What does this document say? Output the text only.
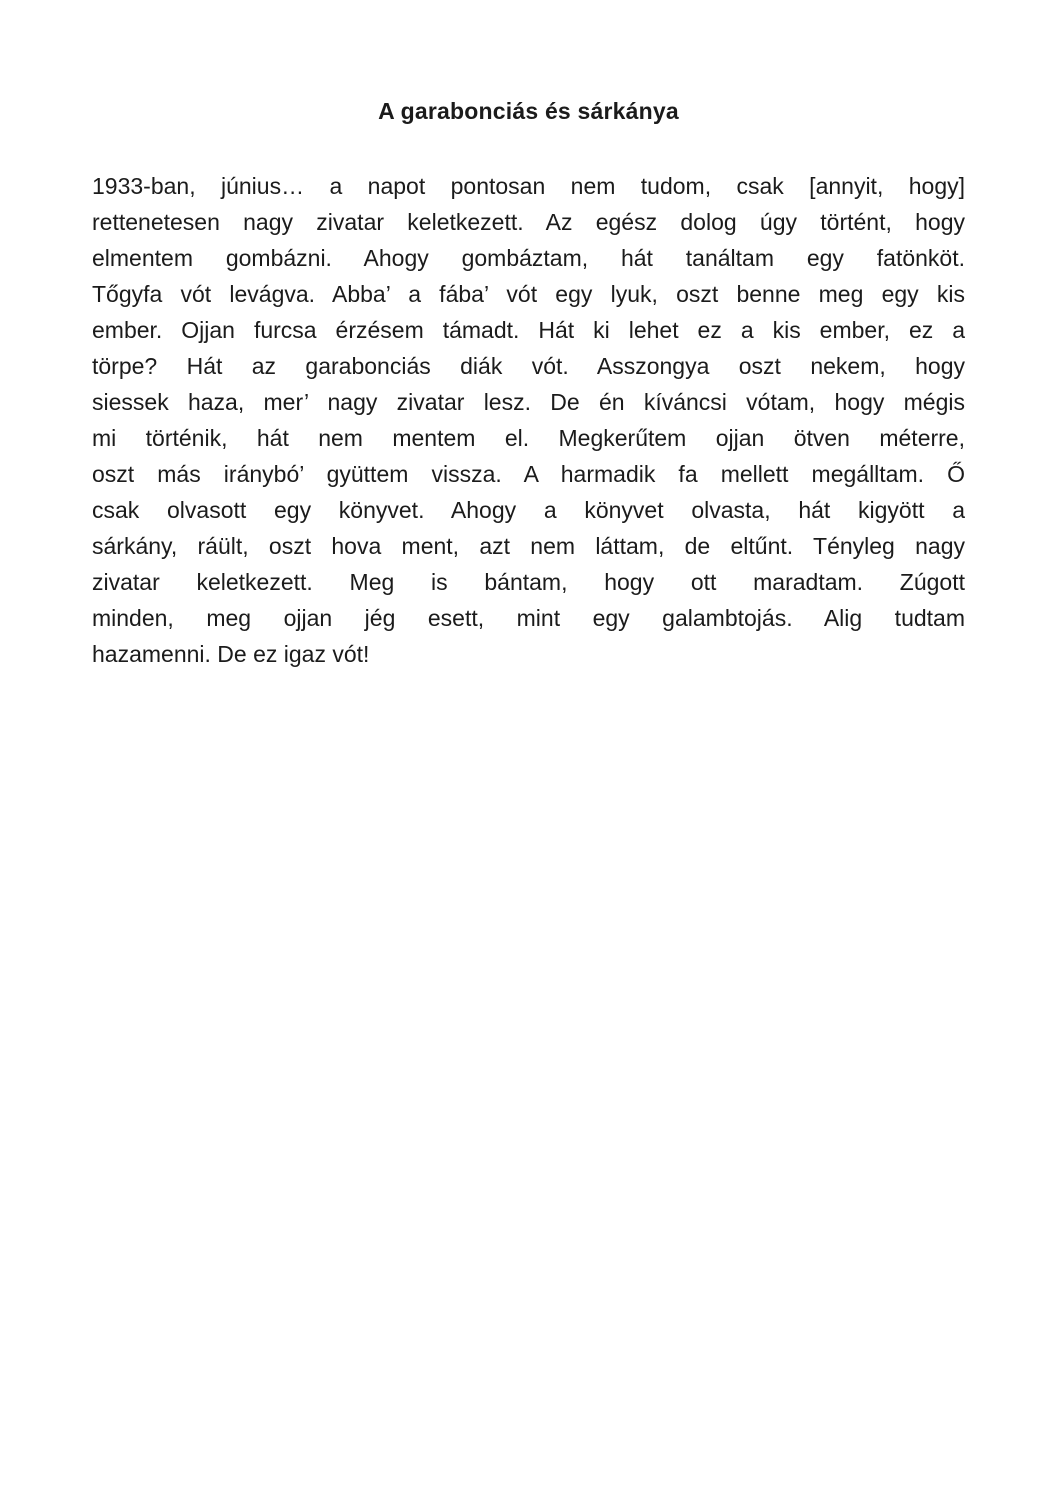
A garabonciás és sárkánya
1933-ban, június… a napot pontosan nem tudom, csak [annyit, hogy]
rettenetesen nagy zivatar keletkezett. Az egész dolog úgy történt, hogy
elmentem gombázni. Ahogy gombáztam, hát tanáltam egy fatönköt.
Tőgyfa vót levágva. Abba’ a fába’ vót egy lyuk, oszt benne meg egy kis
ember. Ojjan furcsa érzésem támadt. Hát ki lehet ez a kis ember, ez a
törpe? Hát az garabonciás diák vót. Asszongya oszt nekem, hogy
siessek haza, mer’ nagy zivatar lesz. De én kíváncsi vótam, hogy mégis
mi történik, hát nem mentem el. Megkerűtem ojjan ötven méterre,
oszt más iránybó’ gyüttem vissza. A harmadik fa mellett megálltam. Ő
csak olvasott egy könyvet. Ahogy a könyvet olvasta, hát kigyött a
sárkány, ráült, oszt hova ment, azt nem láttam, de eltűnt. Tényleg nagy
zivatar keletkezett. Meg is bántam, hogy ott maradtam. Zúgott
minden, meg ojjan jég esett, mint egy galambtojás. Alig tudtam
hazamenni. De ez igaz vót!
